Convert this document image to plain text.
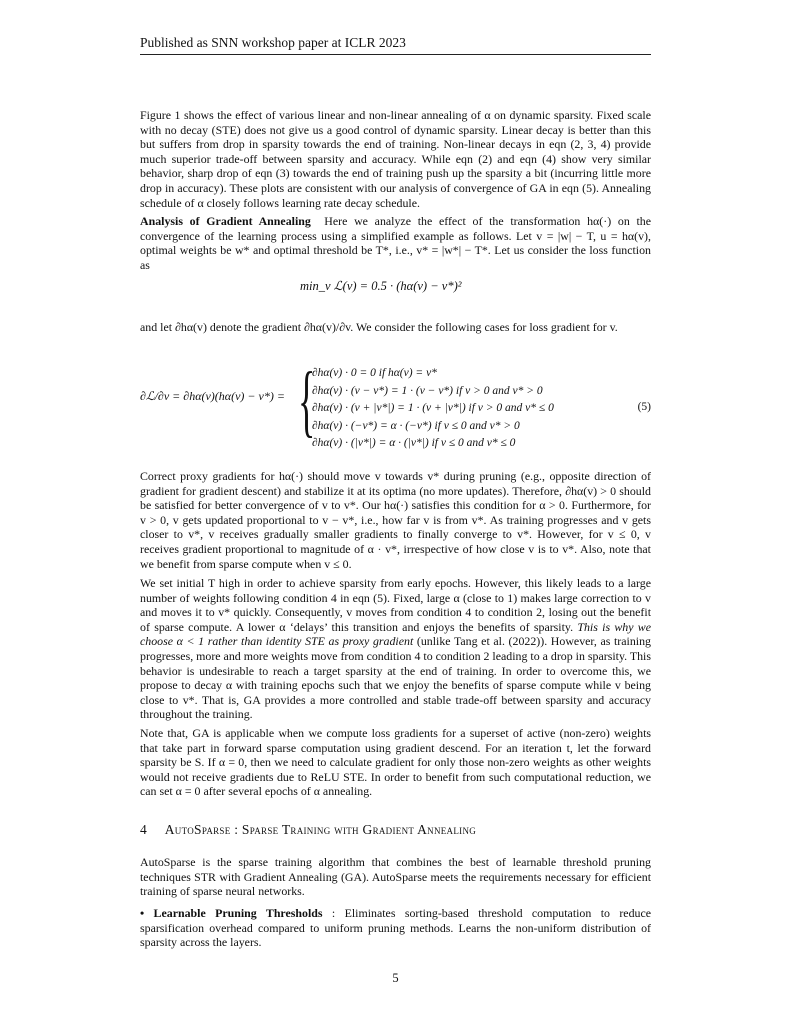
Published as SNN workshop paper at ICLR 2023

Figure 1 shows the effect of various linear and non-linear annealing of α on dynamic sparsity. Fixed scale with no decay (STE) does not give us a good control of dynamic sparsity. Linear decay is better than this but suffers from drop in sparsity towards the end of training. Non-linear decays in eqn (2, 3, 4) provide much superior trade-off between sparsity and accuracy. While eqn (2) and eqn (4) show very similar behavior, sharp drop of eqn (3) towards the end of training push up the sparsity a bit (incurring little more drop in accuracy). These plots are consistent with our analysis of convergence of GA in eqn (5). Annealing schedule of α closely follows learning rate decay schedule.

Analysis of Gradient Annealing Here we analyze the effect of the transformation hα(·) on the convergence of the learning process using a simplified example as follows. Let v = |w| − T, u = hα(v), optimal weights be w* and optimal threshold be T*, i.e., v* = |w*| − T*. Let us consider the loss function as

min_v ℒ(v) = 0.5 · (hα(v) − v*)²

and let ∂hα(v) denote the gradient ∂hα(v)/∂v. We consider the following cases for loss gradient for v.

∂ℒ/∂v = ∂hα(v)(hα(v) − v*) = {
∂hα(v) · 0 = 0 if hα(v) = v*
∂hα(v) · (v − v*) = 1 · (v − v*) if v > 0 and v* > 0
∂hα(v) · (v + |v*|) = 1 · (v + |v*|) if v > 0 and v* ≤ 0
∂hα(v) · (−v*) = α · (−v*) if v ≤ 0 and v* > 0
∂hα(v) · (|v*|) = α · (|v*|) if v ≤ 0 and v* ≤ 0
(5)

Correct proxy gradients for hα(·) should move v towards v* during pruning (e.g., opposite direction of gradient for gradient descent) and stabilize it at its optima (no more updates). Therefore, ∂hα(v) > 0 should be satisfied for better convergence of v to v*. Our hα(·) satisfies this condition for α > 0. Furthermore, for v > 0, v gets updated proportional to v − v*, i.e., how far v is from v*. As training progresses and v gets closer to v*, v receives gradually smaller gradients to finally converge to v*. However, for v ≤ 0, v receives gradient proportional to magnitude of α · v*, irrespective of how close v is to v*. Also, note that we benefit from sparse compute when v ≤ 0.

We set initial T high in order to achieve sparsity from early epochs. However, this likely leads to a large number of weights following condition 4 in eqn (5). Fixed, large α (close to 1) makes large correction to v and moves it to v* quickly. Consequently, v moves from condition 4 to condition 2, losing out the benefit of sparse compute. A lower α ‘delays’ this transition and enjoys the benefits of sparsity. This is why we choose α < 1 rather than identity STE as proxy gradient (unlike Tang et al. (2022)). However, as training progresses, more and more weights move from condition 4 to condition 2 leading to a drop in sparsity. This behavior is undesirable to reach a target sparsity at the end of training. In order to overcome this, we propose to decay α with training epochs such that we enjoy the benefits of sparse compute while v being close to v*. That is, GA provides a more controlled and stable trade-off between sparsity and accuracy throughout the training.

Note that, GA is applicable when we compute loss gradients for a superset of active (non-zero) weights that take part in forward sparse computation using gradient descend. For an iteration t, let the forward sparsity be S. If α = 0, then we need to calculate gradient for only those non-zero weights as other weights would not receive gradients due to ReLU STE. In order to benefit from such computational reduction, we can set α = 0 after several epochs of α annealing.

4 AutoSparse : Sparse Training with Gradient Annealing

AutoSparse is the sparse training algorithm that combines the best of learnable threshold pruning techniques STR with Gradient Annealing (GA). AutoSparse meets the requirements necessary for efficient training of sparse neural networks.

• Learnable Pruning Thresholds : Eliminates sorting-based threshold computation to reduce sparsification overhead compared to uniform pruning methods. Learns the non-uniform distribution of sparsity across the layers.

5
